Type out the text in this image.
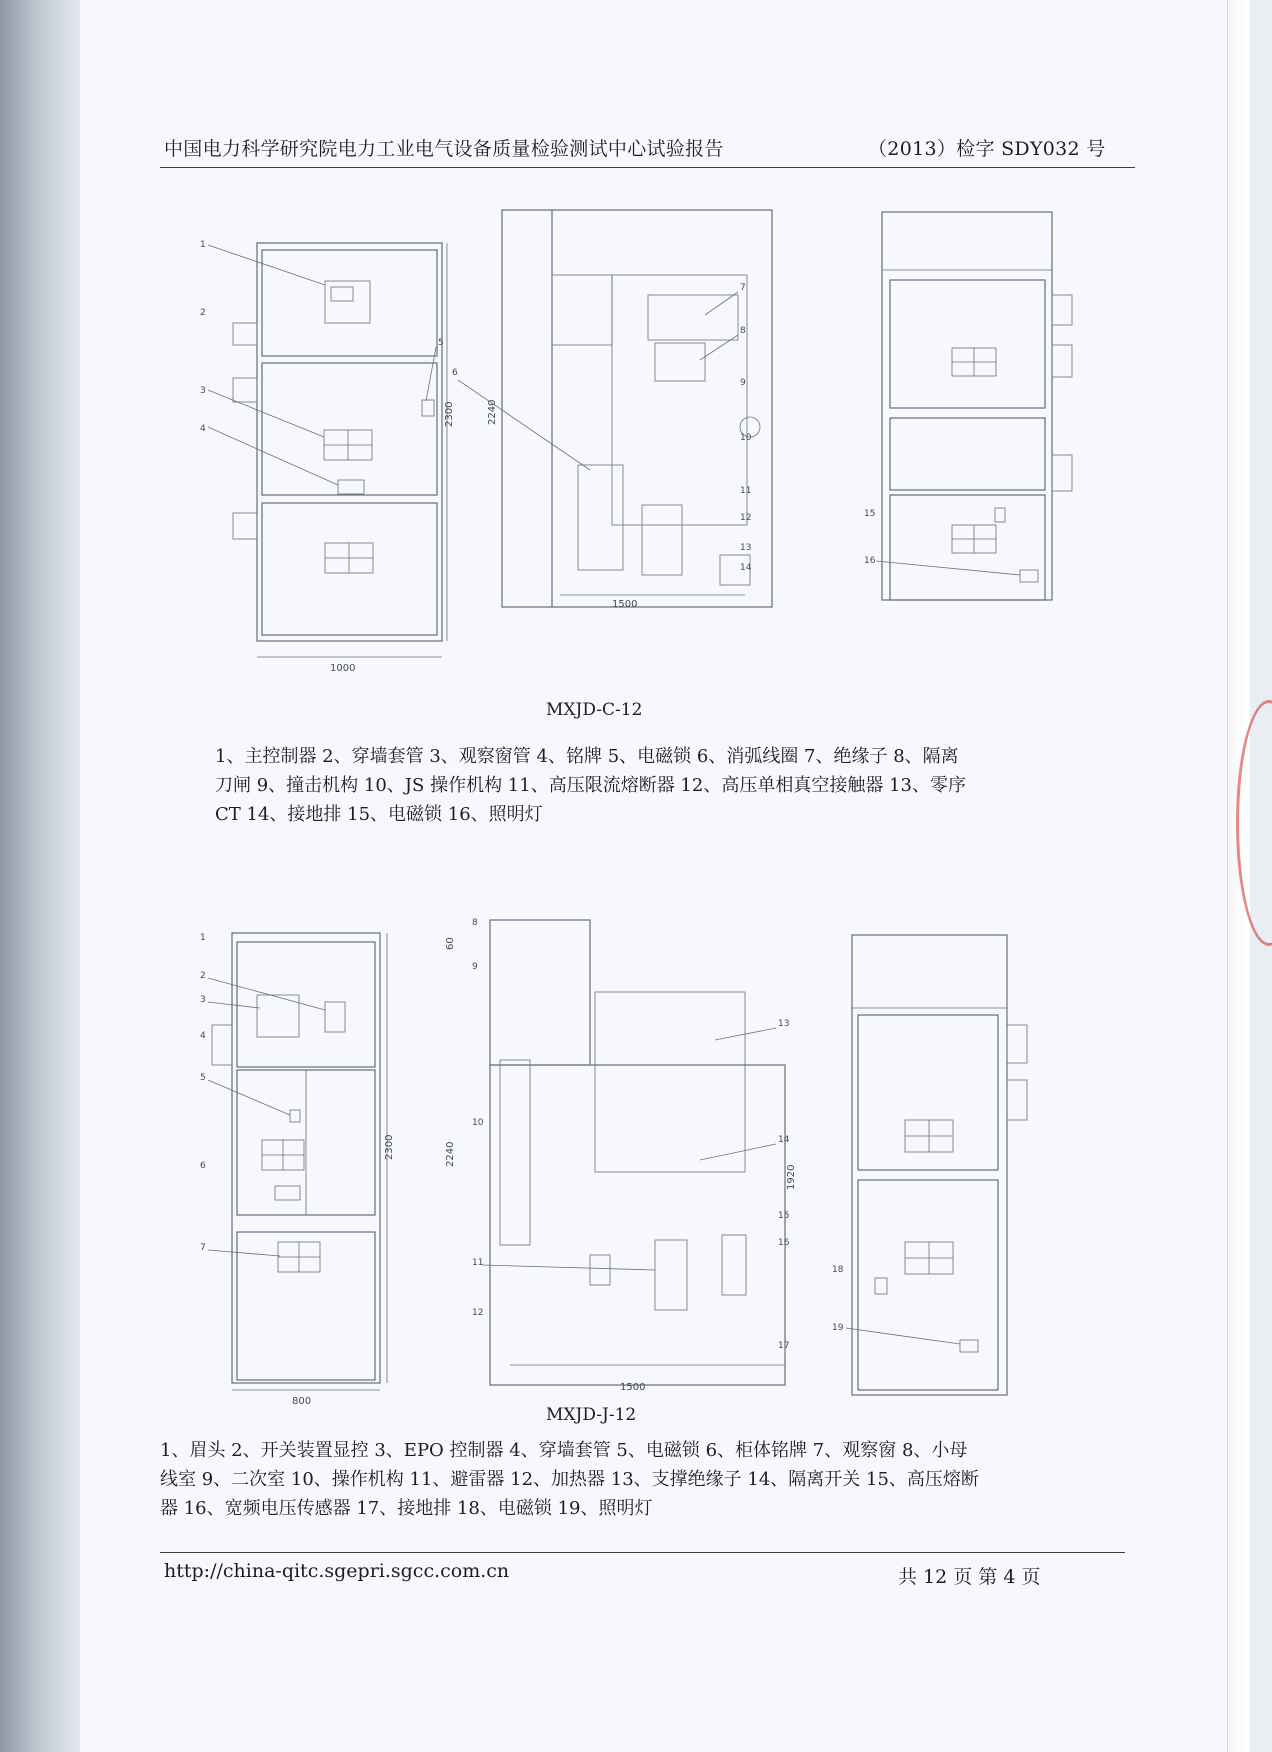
中国电力科学研究院电力工业电气设备质量检验测试中心试验报告	（2013）检字 SDY032 号
1000
2300
1
2
3
4
5
2240
1500
6
7
8
9
10
11
12
13
14
15
16
MXJD-C-12
1、主控制器 2、穿墙套管 3、观察窗管 4、铭牌 5、电磁锁 6、消弧线圈 7、绝缘子 8、隔离
刀闸 9、撞击机构 10、JS 操作机构 11、高压限流熔断器 12、高压单相真空接触器 13、零序
CT 14、接地排 15、电磁锁 16、照明灯
800
2300
1
2
3
4
5
6
7
2240
60
1920
1500
8
9
10
11
12
13
14
15
16
17
18
19
MXJD-J-12
1、眉头 2、开关装置显控 3、EPO 控制器 4、穿墙套管 5、电磁锁 6、柜体铭牌 7、观察窗 8、小母
线室 9、二次室 10、操作机构 11、避雷器 12、加热器 13、支撑绝缘子 14、隔离开关 15、高压熔断
器 16、宽频电压传感器 17、接地排 18、电磁锁 19、照明灯
http://china-qitc.sgepri.sgcc.com.cn	共 12 页 第 4 页
